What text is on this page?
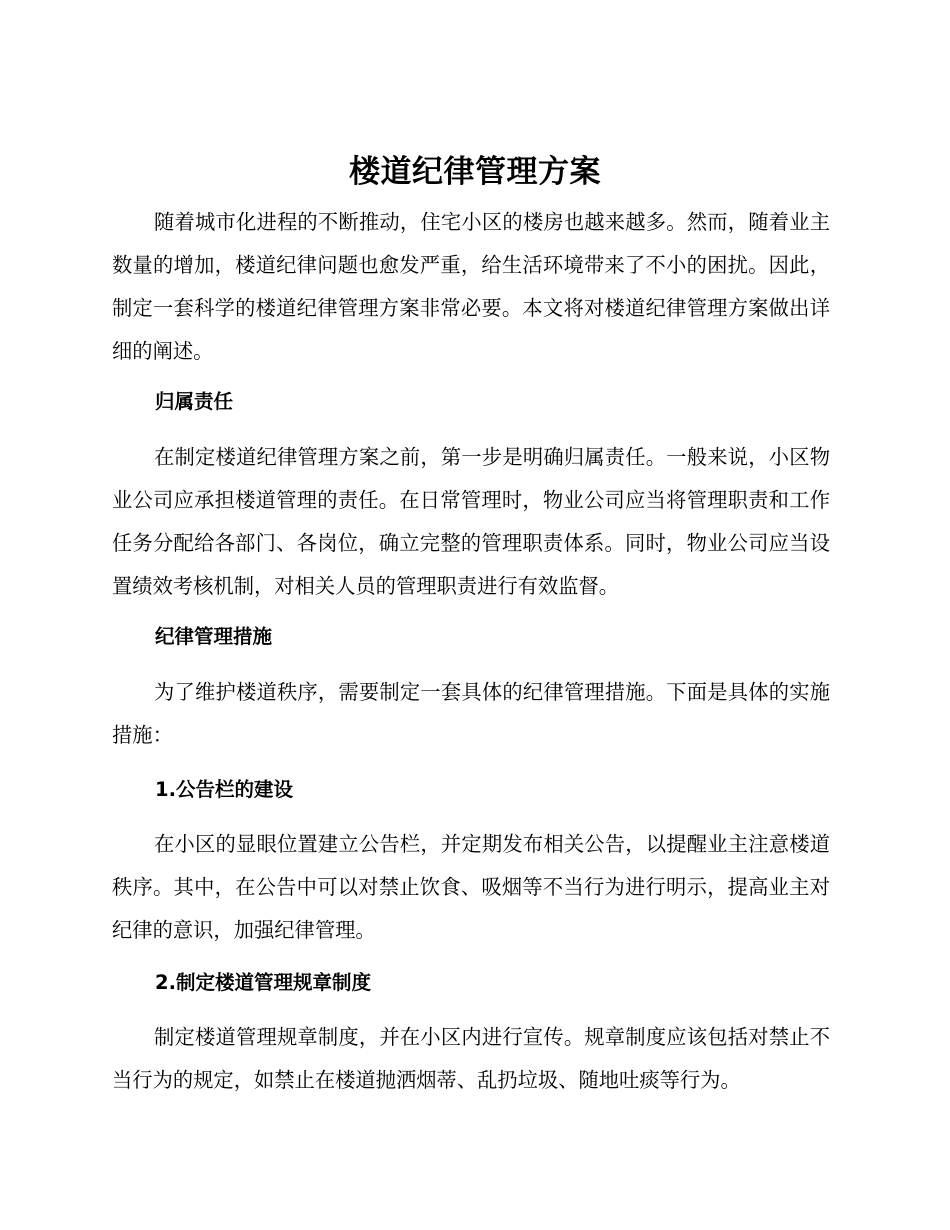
楼道纪律管理方案

随着城市化进程的不断推动，住宅小区的楼房也越来越多。然而，随着业主数量的增加，楼道纪律问题也愈发严重，给生活环境带来了不小的困扰。因此，制定一套科学的楼道纪律管理方案非常必要。本文将对楼道纪律管理方案做出详细的阐述。

归属责任

在制定楼道纪律管理方案之前，第一步是明确归属责任。一般来说，小区物业公司应承担楼道管理的责任。在日常管理时，物业公司应当将管理职责和工作任务分配给各部门、各岗位，确立完整的管理职责体系。同时，物业公司应当设置绩效考核机制，对相关人员的管理职责进行有效监督。

纪律管理措施

为了维护楼道秩序，需要制定一套具体的纪律管理措施。下面是具体的实施措施：

1.公告栏的建设

在小区的显眼位置建立公告栏，并定期发布相关公告，以提醒业主注意楼道秩序。其中，在公告中可以对禁止饮食、吸烟等不当行为进行明示，提高业主对纪律的意识，加强纪律管理。

2.制定楼道管理规章制度

制定楼道管理规章制度，并在小区内进行宣传。规章制度应该包括对禁止不当行为的规定，如禁止在楼道抛洒烟蒂、乱扔垃圾、随地吐痰等行为。
